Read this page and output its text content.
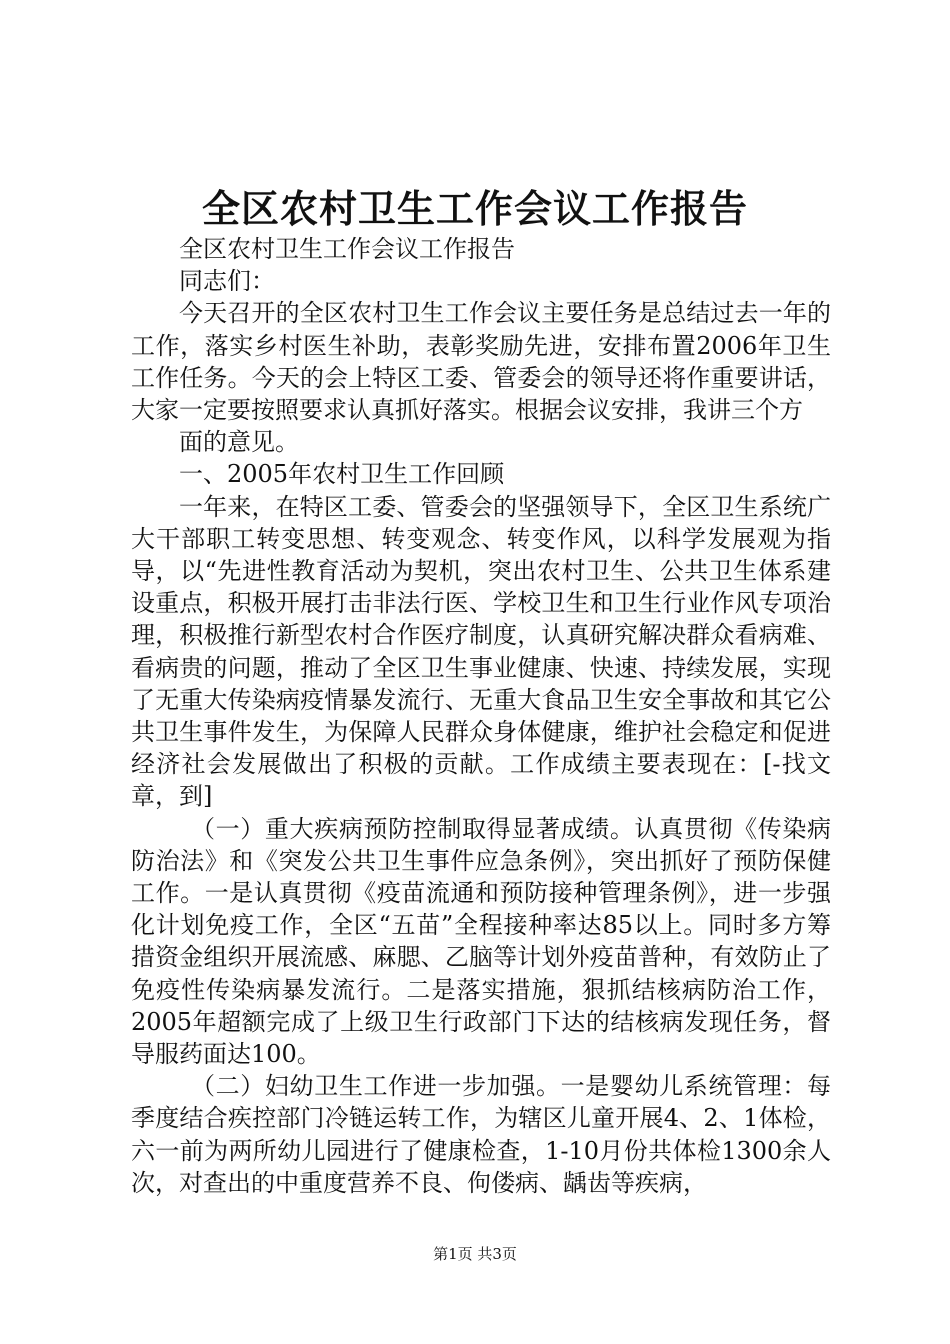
全区农村卫生工作会议工作报告

全区农村卫生工作会议工作报告

同志们：

今天召开的全区农村卫生工作会议主要任务是总结过去一年的工作，落实乡村医生补助，表彰奖励先进，安排布置2006年卫生工作任务。今天的会上特区工委、管委会的领导还将作重要讲话，大家一定要按照要求认真抓好落实。根据会议安排，我讲三个方

面的意见。

一、2005年农村卫生工作回顾

一年来，在特区工委、管委会的坚强领导下，全区卫生系统广大干部职工转变思想、转变观念、转变作风，以科学发展观为指导，以“先进性教育活动为契机，突出农村卫生、公共卫生体系建设重点，积极开展打击非法行医、学校卫生和卫生行业作风专项治理，积极推行新型农村合作医疗制度，认真研究解决群众看病难、看病贵的问题，推动了全区卫生事业健康、快速、持续发展，实现了无重大传染病疫情暴发流行、无重大食品卫生安全事故和其它公共卫生事件发生，为保障人民群众身体健康，维护社会稳定和促进经济社会发展做出了积极的贡献。工作成绩主要表现在：[-找文章，到]

（一）重大疾病预防控制取得显著成绩。认真贯彻《传染病防治法》和《突发公共卫生事件应急条例》，突出抓好了预防保健工作。一是认真贯彻《疫苗流通和预防接种管理条例》，进一步强化计划免疫工作，全区“五苗”全程接种率达85以上。同时多方筹措资金组织开展流感、麻腮、乙脑等计划外疫苗普种，有效防止了免疫性传染病暴发流行。二是落实措施，狠抓结核病防治工作，2005年超额完成了上级卫生行政部门下达的结核病发现任务，督导服药面达100。

（二）妇幼卫生工作进一步加强。一是婴幼儿系统管理：每季度结合疾控部门冷链运转工作，为辖区儿童开展4、2、1体检，六一前为两所幼儿园进行了健康检查，1-10月份共体检1300余人次，对查出的中重度营养不良、佝偻病、龋齿等疾病，

第1页 共3页
